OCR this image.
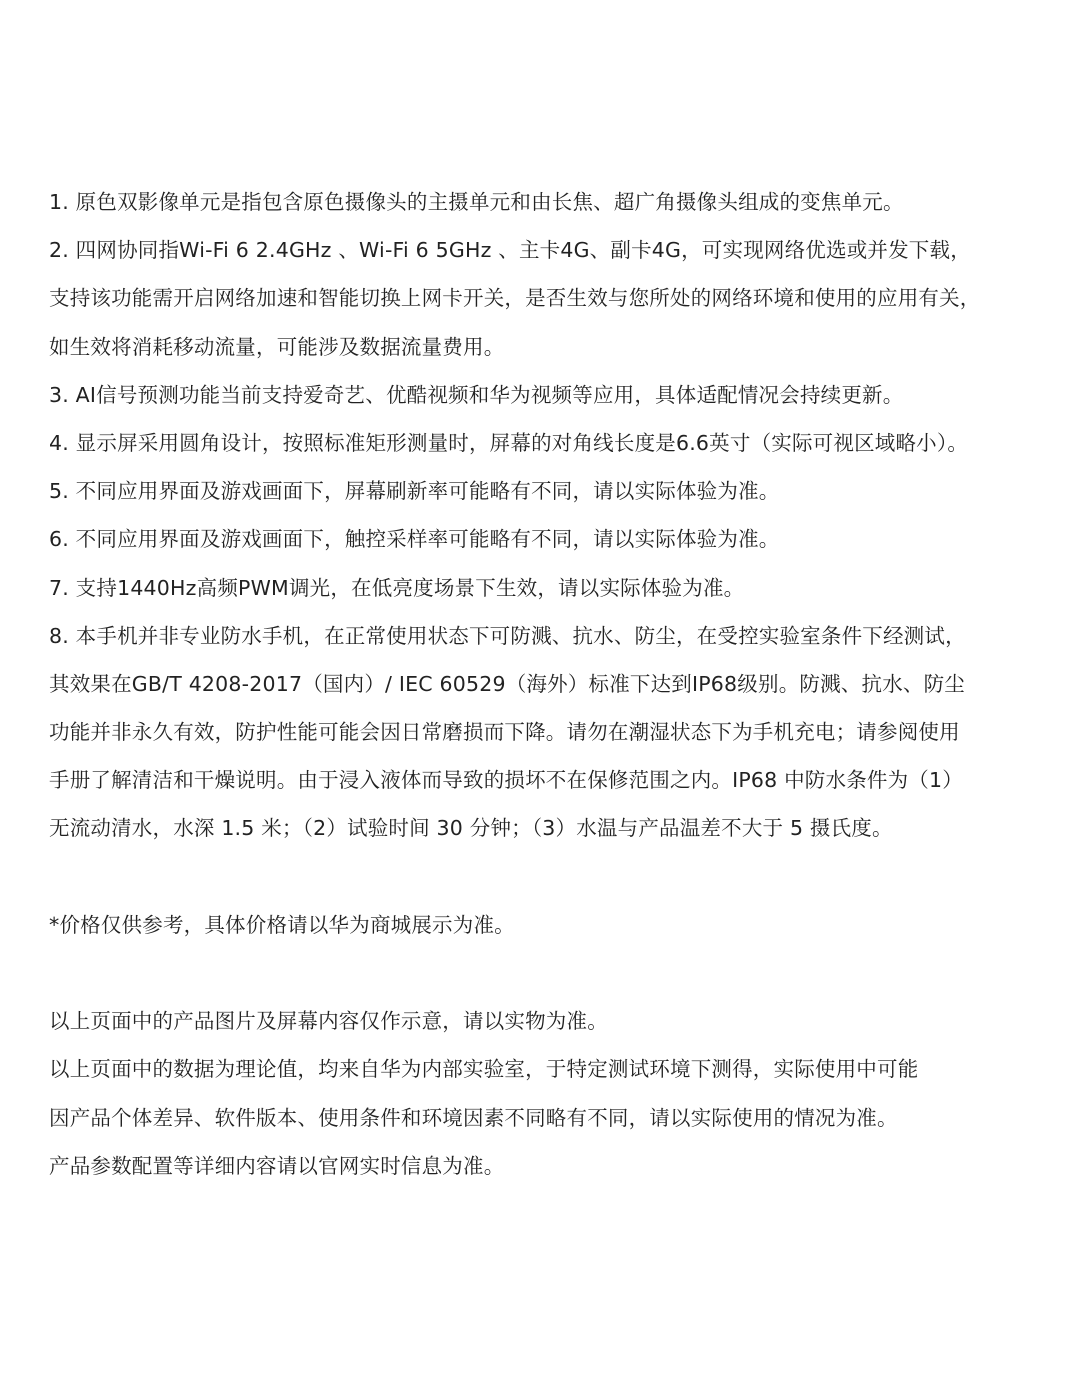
1. 原色双影像单元是指包含原色摄像头的主摄单元和由长焦、超广角摄像头组成的变焦单元。
2. 四网协同指Wi-Fi 6 2.4GHz 、Wi-Fi 6 5GHz 、主卡4G、副卡4G，可实现网络优选或并发下载，
支持该功能需开启网络加速和智能切换上网卡开关，是否生效与您所处的网络环境和使用的应用有关，
如生效将消耗移动流量，可能涉及数据流量费用。
3. AI信号预测功能当前支持爱奇艺、优酷视频和华为视频等应用，具体适配情况会持续更新。
4. 显示屏采用圆角设计，按照标准矩形测量时，屏幕的对角线长度是6.6英寸（实际可视区域略小）。
5. 不同应用界面及游戏画面下，屏幕刷新率可能略有不同，请以实际体验为准。
6. 不同应用界面及游戏画面下，触控采样率可能略有不同，请以实际体验为准。
7. 支持1440Hz高频PWM调光，在低亮度场景下生效，请以实际体验为准。
8. 本手机并非专业防水手机，在正常使用状态下可防溅、抗水、防尘，在受控实验室条件下经测试，
其效果在GB/T 4208-2017（国内）/ IEC 60529（海外）标准下达到IP68级别。防溅、抗水、防尘
功能并非永久有效，防护性能可能会因日常磨损而下降。请勿在潮湿状态下为手机充电；请参阅使用
手册了解清洁和干燥说明。由于浸入液体而导致的损坏不在保修范围之内。IP68 中防水条件为（1）
无流动清水，水深 1.5 米；（2）试验时间 30 分钟；（3）水温与产品温差不大于 5 摄氏度。
*价格仅供参考，具体价格请以华为商城展示为准。
以上页面中的产品图片及屏幕内容仅作示意，请以实物为准。
以上页面中的数据为理论值，均来自华为内部实验室，于特定测试环境下测得，实际使用中可能
因产品个体差异、软件版本、使用条件和环境因素不同略有不同，请以实际使用的情况为准。
产品参数配置等详细内容请以官网实时信息为准。
